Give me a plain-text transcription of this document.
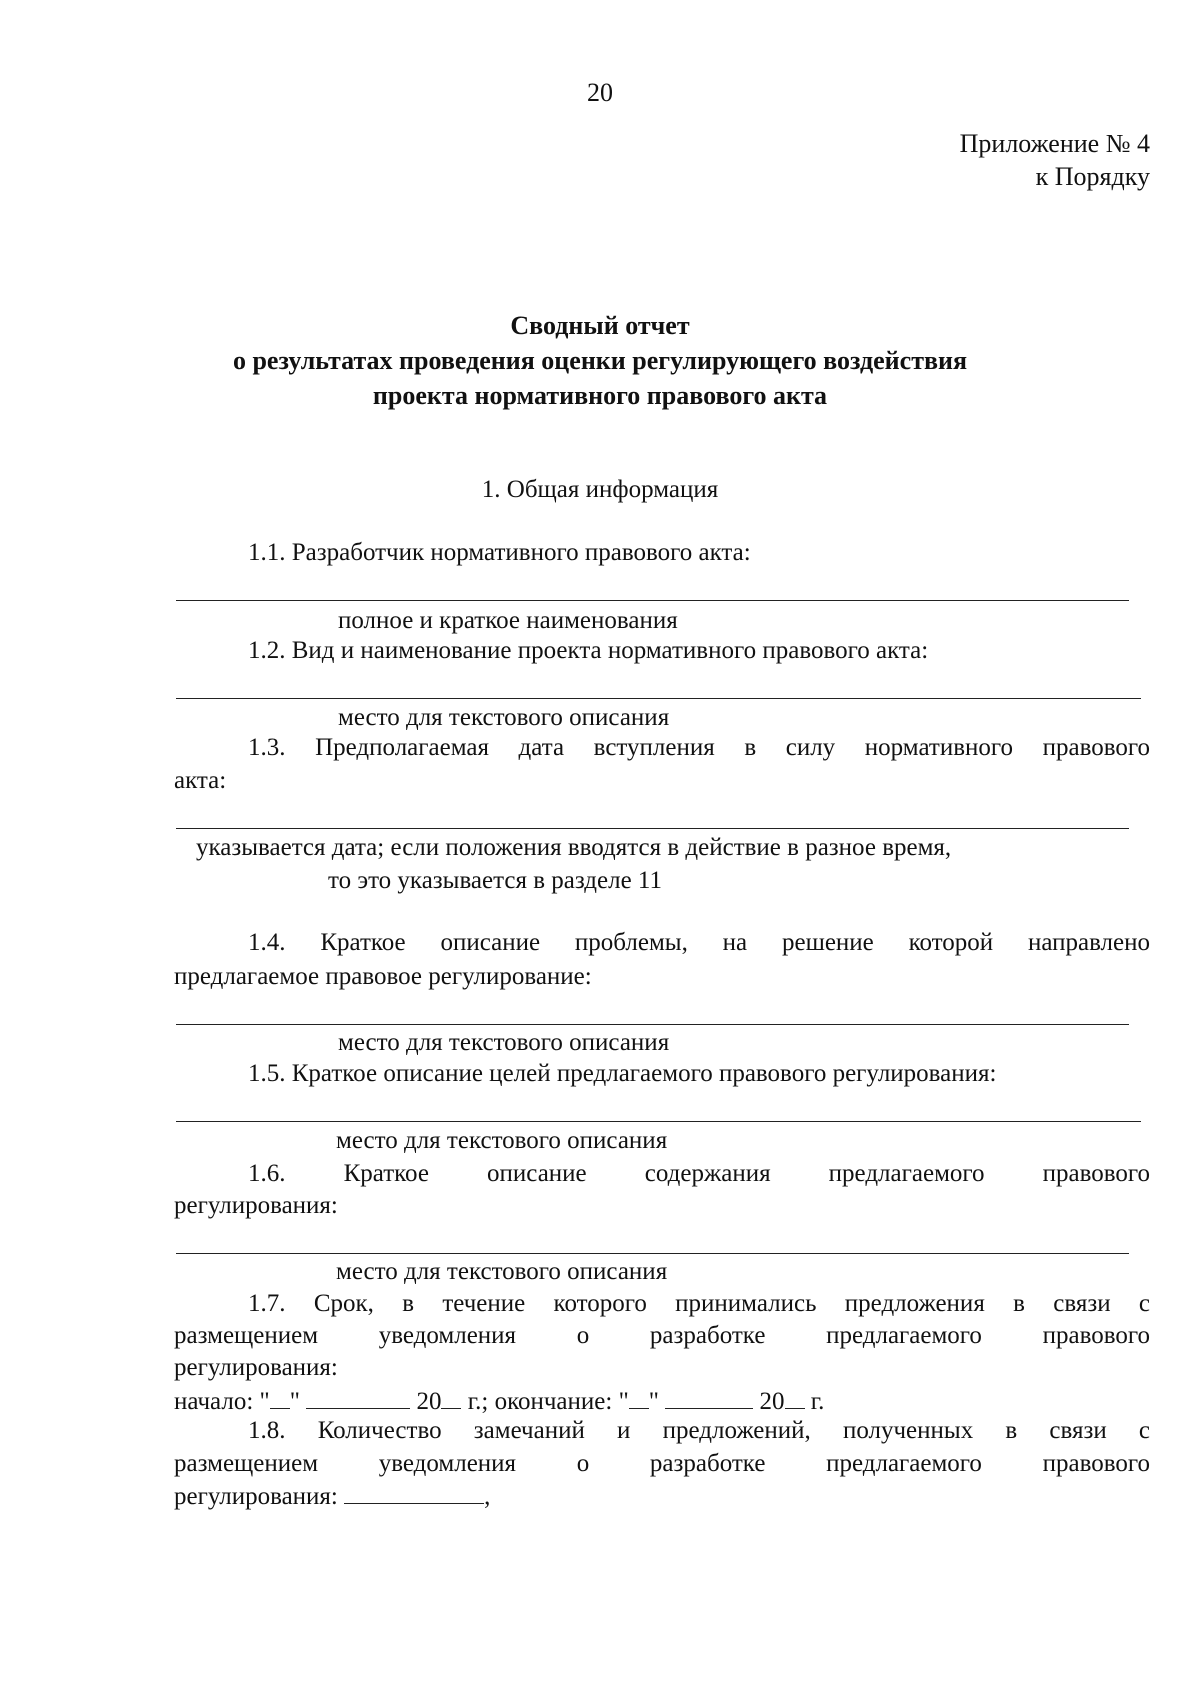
20
Приложение № 4
к Порядку
Сводный отчет
о результатах проведения оценки регулирующего воздействия
проекта нормативного правового акта
1. Общая информация
1.1. Разработчик нормативного правового акта:
полное и краткое наименования
1.2. Вид и наименование проекта нормативного правового акта:
место для текстового описания
1.3. Предполагаемая дата вступления в силу нормативного правового
акта:
указывается дата; если положения вводятся в действие в разное время,
то это указывается в разделе 11
1.4. Краткое описание проблемы, на решение которой направлено
предлагаемое правовое регулирование:
место для текстового описания
1.5. Краткое описание целей предлагаемого правового регулирования:
место для текстового описания
1.6. Краткое описание содержания предлагаемого правового
регулирования:
место для текстового описания
1.7. Срок, в течение которого принимались предложения в связи с
размещением уведомления о разработке предлагаемого правового
регулирования:
начало: " "	20 г.; окончание: " "	20 г.
1.8. Количество замечаний и предложений, полученных в связи с
размещением уведомления о разработке предлагаемого правового
регулирования:	,
